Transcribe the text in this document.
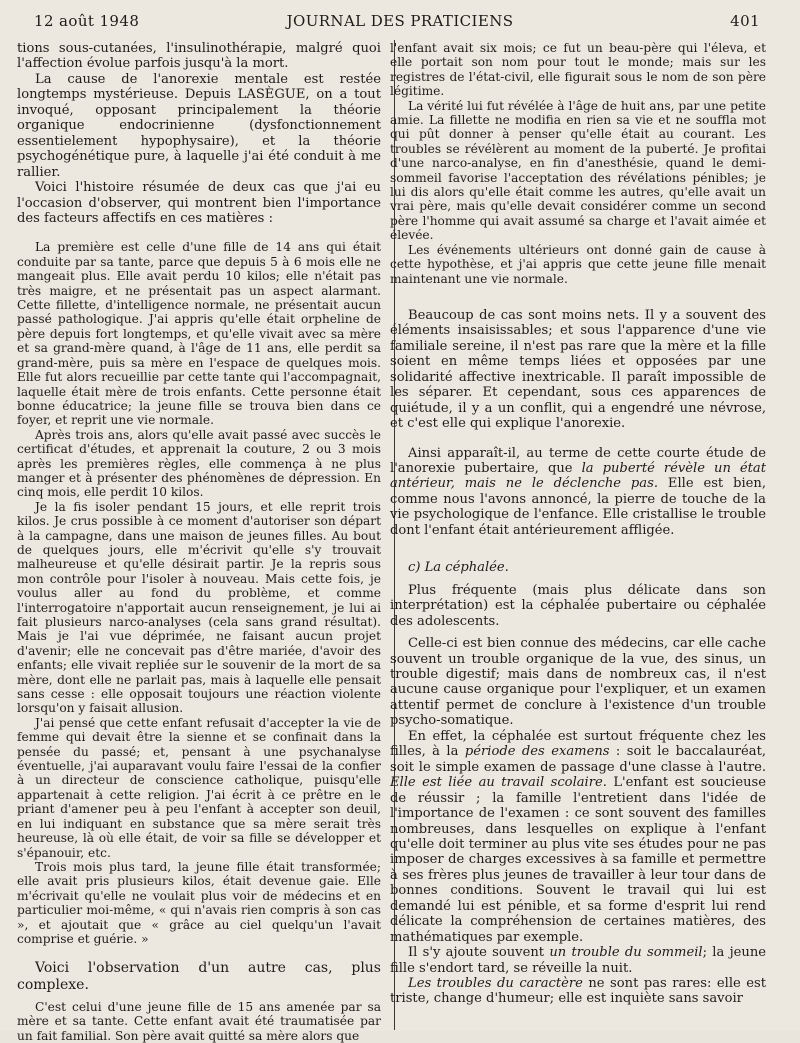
12 août 1948	JOURNAL DES PRATICIENS	401

tions sous-cutanées, l'insulinothérapie, malgré quoi l'affection évolue parfois jusqu'à la mort.

La cause de l'anorexie mentale est restée longtemps mystérieuse. Depuis LASÈGUE, on a tout invoqué, opposant principalement la théorie organique endocrinienne (dysfonctionnement essentielement hypophysaire), et la théorie psychogénétique pure, à laquelle j'ai été conduit à me rallier.

Voici l'histoire résumée de deux cas que j'ai eu l'occasion d'observer, qui montrent bien l'importance des facteurs affectifs en ces matières :

La première est celle d'une fille de 14 ans qui était conduite par sa tante, parce que depuis 5 à 6 mois elle ne mangeait plus. Elle avait perdu 10 kilos; elle n'était pas très maigre, et ne présentait pas un aspect alarmant. Cette fillette, d'intelligence normale, ne présentait aucun passé pathologique. J'ai appris qu'elle était orpheline de père depuis fort longtemps, et qu'elle vivait avec sa mère et sa grand-mère quand, à l'âge de 11 ans, elle perdit sa grand-mère, puis sa mère en l'espace de quelques mois. Elle fut alors recueillie par cette tante qui l'accompagnait, laquelle était mère de trois enfants. Cette personne était bonne éducatrice; la jeune fille se trouva bien dans ce foyer, et reprit une vie normale.

Après trois ans, alors qu'elle avait passé avec succès le certificat d'études, et apprenait la couture, 2 ou 3 mois après les premières règles, elle commença à ne plus manger et à présenter des phénomènes de dépression. En cinq mois, elle perdit 10 kilos.

Je la fis isoler pendant 15 jours, et elle reprit trois kilos. Je crus possible à ce moment d'autoriser son départ à la campagne, dans une maison de jeunes filles. Au bout de quelques jours, elle m'écrivit qu'elle s'y trouvait malheureuse et qu'elle désirait partir. Je la repris sous mon contrôle pour l'isoler à nouveau. Mais cette fois, je voulus aller au fond du problème, et comme l'interrogatoire n'apportait aucun renseignement, je lui ai fait plusieurs narco-analyses (cela sans grand résultat). Mais je l'ai vue déprimée, ne faisant aucun projet d'avenir; elle ne concevait pas d'être mariée, d'avoir des enfants; elle vivait repliée sur le souvenir de la mort de sa mère, dont elle ne parlait pas, mais à laquelle elle pensait sans cesse : elle opposait toujours une réaction violente lorsqu'on y faisait allusion.

J'ai pensé que cette enfant refusait d'accepter la vie de femme qui devait être la sienne et se confinait dans la pensée du passé; et, pensant à une psychanalyse éventuelle, j'ai auparavant voulu faire l'essai de la confier à un directeur de conscience catholique, puisqu'elle appartenait à cette religion. J'ai écrit à ce prêtre en le priant d'amener peu à peu l'enfant à accepter son deuil, en lui indiquant en substance que sa mère serait très heureuse, là où elle était, de voir sa fille se développer et s'épanouir, etc.

Trois mois plus tard, la jeune fille était transformée; elle avait pris plusieurs kilos, était devenue gaie. Elle m'écrivait qu'elle ne voulait plus voir de médecins et en particulier moi-même, « qui n'avais rien compris à son cas », et ajoutait que « grâce au ciel quelqu'un l'avait comprise et guérie. »

Voici l'observation d'un autre cas, plus complexe.

C'est celui d'une jeune fille de 15 ans amenée par sa mère et sa tante. Cette enfant avait été traumatisée par un fait familial. Son père avait quitté sa mère alors que

l'enfant avait six mois; ce fut un beau-père qui l'éleva, et elle portait son nom pour tout le monde; mais sur les registres de l'état-civil, elle figurait sous le nom de son père légitime.

La vérité lui fut révélée à l'âge de huit ans, par une petite amie. La fillette ne modifia en rien sa vie et ne souffla mot qui pût donner à penser qu'elle était au courant. Les troubles se révélèrent au moment de la puberté. Je profitai d'une narco-analyse, en fin d'anesthésie, quand le demi-sommeil favorise l'acceptation des révélations pénibles; je lui dis alors qu'elle était comme les autres, qu'elle avait un vrai père, mais qu'elle devait considérer comme un second père l'homme qui avait assumé sa charge et l'avait aimée et élevée.

Les événements ultérieurs ont donné gain de cause à cette hypothèse, et j'ai appris que cette jeune fille menait maintenant une vie normale.

Beaucoup de cas sont moins nets. Il y a souvent des éléments insaisissables; et sous l'apparence d'une vie familiale sereine, il n'est pas rare que la mère et la fille soient en même temps liées et opposées par une solidarité affective inextricable. Il paraît impossible de les séparer. Et cependant, sous ces apparences de quiétude, il y a un conflit, qui a engendré une névrose, et c'est elle qui explique l'anorexie.

Ainsi apparaît-il, au terme de cette courte étude de l'anorexie pubertaire, que la puberté révèle un état antérieur, mais ne le déclenche pas. Elle est bien, comme nous l'avons annoncé, la pierre de touche de la vie psychologique de l'enfance. Elle cristallise le trouble dont l'enfant était antérieurement affligée.

c) La céphalée.

Plus fréquente (mais plus délicate dans son interprétation) est la céphalée pubertaire ou céphalée des adolescents.

Celle-ci est bien connue des médecins, car elle cache souvent un trouble organique de la vue, des sinus, un trouble digestif; mais dans de nombreux cas, il n'est aucune cause organique pour l'expliquer, et un examen attentif permet de conclure à l'existence d'un trouble psycho-somatique.

En effet, la céphalée est surtout fréquente chez les filles, à la période des examens : soit le baccalauréat, soit le simple examen de passage d'une classe à l'autre. Elle est liée au travail scolaire. L'enfant est soucieuse de réussir ; la famille l'entretient dans l'idée de l'importance de l'examen : ce sont souvent des familles nombreuses, dans lesquelles on explique à l'enfant qu'elle doit terminer au plus vite ses études pour ne pas imposer de charges excessives à sa famille et permettre à ses frères plus jeunes de travailler à leur tour dans de bonnes conditions. Souvent le travail qui lui est demandé lui est pénible, et sa forme d'esprit lui rend délicate la compréhension de certaines matières, des mathématiques par exemple.

Il s'y ajoute souvent un trouble du sommeil; la jeune fille s'endort tard, se réveille la nuit.

Les troubles du caractère ne sont pas rares: elle est triste, change d'humeur; elle est inquiète sans savoir
